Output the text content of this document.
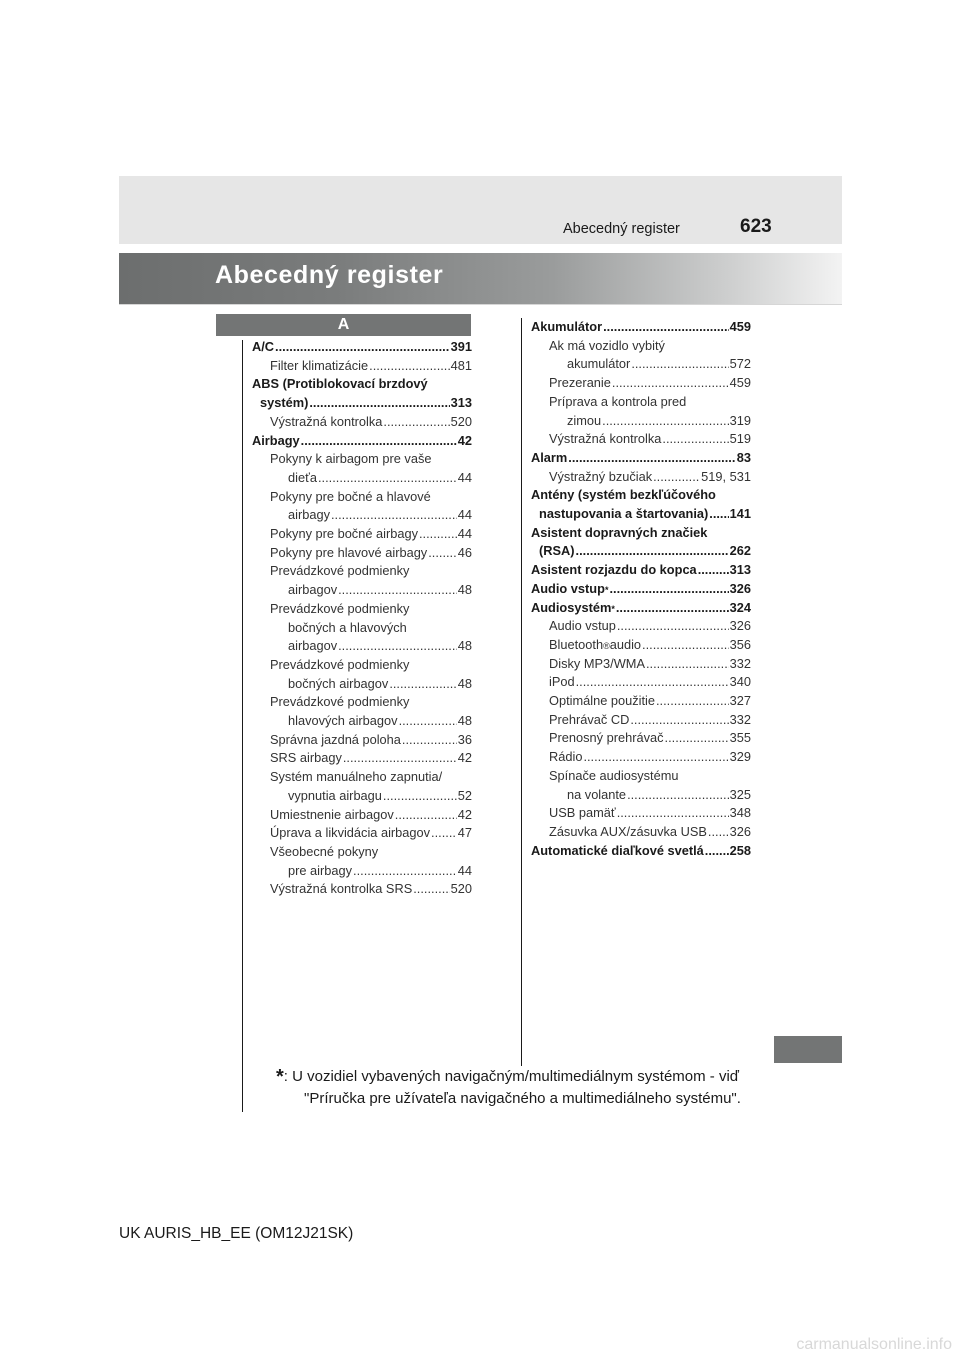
Abecedný register	623
Abecedný register
A
A/C .....	391
Filter klimatizácie .....	481
ABS (Protiblokovací brzdový
systém) .....	313
Výstražná kontrolka .....	520
Airbagy .....	42
Pokyny k airbagom pre vaše
dieťa .....	44
Pokyny pre bočné a hlavové
airbagy .....	44
Pokyny pre bočné airbagy .....	44
Pokyny pre hlavové airbagy ..... 46
Prevádzkové podmienky
airbagov .....	48
Prevádzkové podmienky
bočných a hlavových
airbagov .....	48
Prevádzkové podmienky
bočných airbagov .....	48
Prevádzkové podmienky
hlavových airbagov .....	48
Správna jazdná poloha .....	36
SRS airbagy .....	42
Systém manuálneho zapnutia/
vypnutia airbagu .....	52
Umiestnenie airbagov .....	42
Úprava a likvidácia airbagov ..... 47
Všeobecné pokyny
pre airbagy .....	44
Výstražná kontrolka SRS .....	520
Akumulátor .....	459
Ak má vozidlo vybitý
akumulátor .....	572
Prezeranie .....	459
Príprava a kontrola pred
zimou .....	319
Výstražná kontrolka .....	519
Alarm .....	83
Výstražný bzučiak .....	519, 531
Antény (systém bezkľúčového
nastupovania a štartovania) ..... 141
Asistent dopravných značiek
(RSA) .....	262
Asistent rozjazdu do kopca .....	313
Audio vstup * .....	326
Audiosystém * .....	324
Audio vstup .....	326
Bluetooth ® audio .....	356
Disky MP3/WMA .....	332
iPod .....	340
Optimálne použitie .....	327
Prehrávač CD .....	332
Prenosný prehrávač .....	355
Rádio .....	329
Spínače audiosystému
na volante .....	325
USB pamäť .....	348
Zásuvka AUX/zásuvka USB ..... 326
Automatické diaľkové svetlá ..... 258
*: U vozidiel vybavených navigačným/multimediálnym systémom - viď
"Príručka pre užívateľa navigačného a multimediálneho systému".
UK AURIS_HB_EE (OM12J21SK)
carmanualsonline.info
